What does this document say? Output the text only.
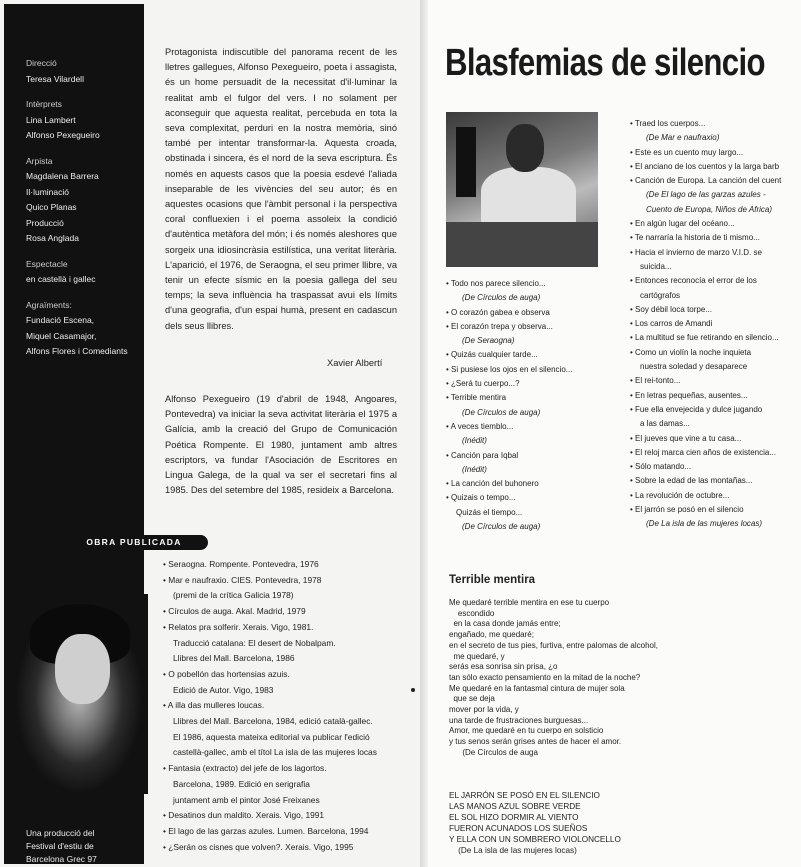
Direcció
Teresa Vilardell
Intèrprets
Lina Lambert
Alfonso Pexegueiro
Arpista
Magdalena Barrera
Il·luminació
Quico Planas
Producció
Rosa Anglada
Espectacle
en castellà i gallec
Agraïments:
Fundació Escena,
Miquel Casamajor,
Alfons Flores i Comediants
Una producció del
Festival d'estiu de
Barcelona Grec 97
Protagonista indiscutible del panorama recent de les lletres gallegues, Alfonso Pexegueiro, poeta i assagista, és un home persuadit de la necessitat d'il·luminar la realitat amb el fulgor del vers. I no solament per aconseguir que aquesta realitat, percebuda en tota la seva complexitat, perduri en la nostra memòria, sinó també per intentar transformar-la. Aquesta croada, obstinada i sincera, és el nord de la seva escriptura. És només en aquests casos que la poesia esdevé l'aliada inseparable de les vivències del seu autor; és en aquestes ocasions que l'àmbit personal i la perspectiva coral confluexien i el poema assoleix la condició d'autèntica metàfora del món; i és només aleshores que sorgeix una idiosincràsia estilística, una veritat literària. L'aparició, el 1976, de Seraogna, el seu primer llibre, va tenir un efecte sísmic en la poesia gallega del seu temps; la seva influència ha traspassat avui els límits d'una geografia, d'un espai humà, present en cadascun dels seus llibres.
Xavier Albertí
Alfonso Pexegueiro (19 d'abril de 1948, Angoares, Pontevedra) va iniciar la seva activitat literària el 1975 a Galícia, amb la creació del Grupo de Comunicación Poética Rompente. El 1980, juntament amb altres escriptors, va fundar l'Asociación de Escritores en Lingua Galega, de la qual va ser el secretari fins al 1985. Des del setembre del 1985, resideix a Barcelona.
OBRA PUBLICADA
• Seraogna. Rompente. Pontevedra, 1976
• Mar e naufraxio. CIES. Pontevedra, 1978
(premi de la crítica Galicia 1978)
• Círculos de auga. Akal. Madrid, 1979
• Relatos pra solferir. Xerais. Vigo, 1981.
Traducció catalana: El desert de Nobalpam.
Llibres del Mall. Barcelona, 1986
• O pobellón das hortensias azuis.
Edició de Autor. Vigo, 1983
• A illa das mulleres loucas.
Llibres del Mall. Barcelona, 1984, edició català-gallec.
El 1986, aquesta mateixa editorial va publicar l'edició
castellà-gallec, amb el títol La isla de las mujeres locas
• Fantasia (extracto) del jefe de los lagortos.
Barcelona, 1989. Edició en serigrafia
juntament amb el pintor José Freixanes
• Desatinos dun maldito. Xerais. Vigo, 1991
• El lago de las garzas azules. Lumen. Barcelona, 1994
• ¿Serán os cisnes que volven?. Xerais. Vigo, 1995
Blasfemias de silencio
• Todo nos parece silencio...
(De Círculos de auga)
• O corazón gabea e observa
• El corazón trepa y observa...
(De Seraogna)
• Quizás cualquier tarde...
• Si pusiese los ojos en el silencio...
• ¿Será tu cuerpo...?
• Terrible mentira
(De Círculos de auga)
• A veces tiemblo...
(Inédit)
• Canción para Iqbal
(Inédit)
• La canción del buhonero
• Quizais o tempo...
Quizás el tiempo...
(De Círculos de auga)
• Traed los cuerpos...
(De Mar e naufraxio)
• Este es un cuento muy largo...
• El anciano de los cuentos y la larga barb
• Canción de Europa. La canción del cuent
(De El lago de las garzas azules -
Cuento de Europa, Niños de Africa)
• En algún lugar del océano...
• Te narraría la historia de ti mismo...
• Hacia el invierno de marzo V.I.D. se
suicida...
• Entonces reconocía el error de los
cartógrafos
• Soy débil loca torpe...
• Los carros de Amandi
• La multitud se fue retirando en silencio...
• Como un violín la noche inquieta
nuestra soledad y desaparece
• El rei-tonto...
• En letras pequeñas, ausentes...
• Fue ella envejecida y dulce jugando
a las damas...
• El jueves que vine a tu casa...
• El reloj marca cien años de existencia...
• Sólo matando...
• Sobre la edad de las montañas...
• La revolución de octubre...
• El jarrón se posó en el silencio
(De La isla de las mujeres locas)
Terrible mentira
Me quedaré terrible mentira en ese tu cuerpo
escondido
en la casa donde jamás entre;
engañado, me quedaré;
en el secreto de tus pies, furtiva, entre palomas de alcohol,
me quedaré, y
serás esa sonrisa sin prisa, ¿o
tan sólo exacto pensamiento en la mitad de la noche?
Me quedaré en la fantasmal cintura de mujer sola
que se deja
mover por la vida, y
una tarde de frustraciones burguesas...
Amor, me quedaré en tu cuerpo en solsticio
y tus senos serán grises antes de hacer el amor.
(De Círculos de auga
EL JARRÓN SE POSÓ EN EL SILENCIO
LAS MANOS AZUL SOBRE VERDE
EL SOL HIZO DORMIR AL VIENTO
FUERON ACUNADOS LOS SUEÑOS
Y ELLA CON UN SOMBRERO VIOLONCELLO
(De La isla de las mujeres locas)
